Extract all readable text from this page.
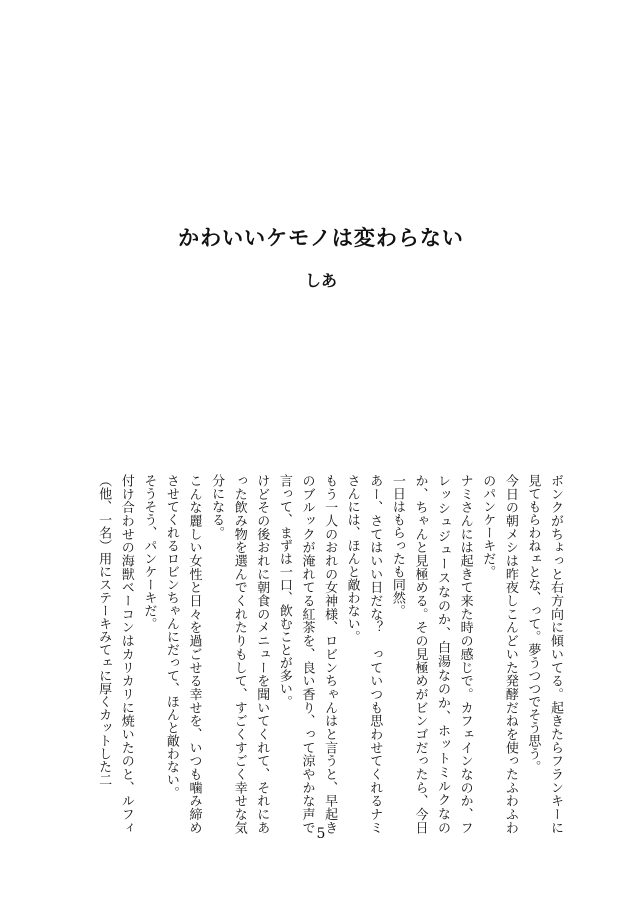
かわいいケモノは変わらない
しあ

ボンクがちょっと右方向に傾いてる。起きたらフランキーに見てもらわねェとな、って。夢うつつでそう思う。

今日の朝メシは昨夜しこんどいた発酵だねを使ったふわふわのパンケーキだ。

ナミさんには起きて来た時の感じで。カフェインなのか、フレッシュジュースなのか、白湯なのか、ホットミルクなのか、ちゃんと見極める。その見極めがビンゴだったら、今日一日はもらったも同然。

あー、さてはいい日だな？　っていつも思わせてくれるナミさんには、ほんと敵わない。

もう一人のおれの女神様、ロビンちゃんはと言うと、早起きのブルックが淹れてる紅茶を、良い香り、って涼やかな声で言って、まずは一口、飲むことが多い。

けどその後おれに朝食のメニューを聞いてくれて、それにあった飲み物を選んでくれたりもして、すごくすごく幸せな気分になる。

こんな麗しい女性と日々を過ごせる幸せを、いつも噛み締めさせてくれるロビンちゃんにだって、ほんと敵わない。

そうそう、パンケーキだ。

付け合わせの海獣ベーコンはカリカリに焼いたのと、ルフィ（他、一名）用にステーキみてェに厚くカットした二

5
